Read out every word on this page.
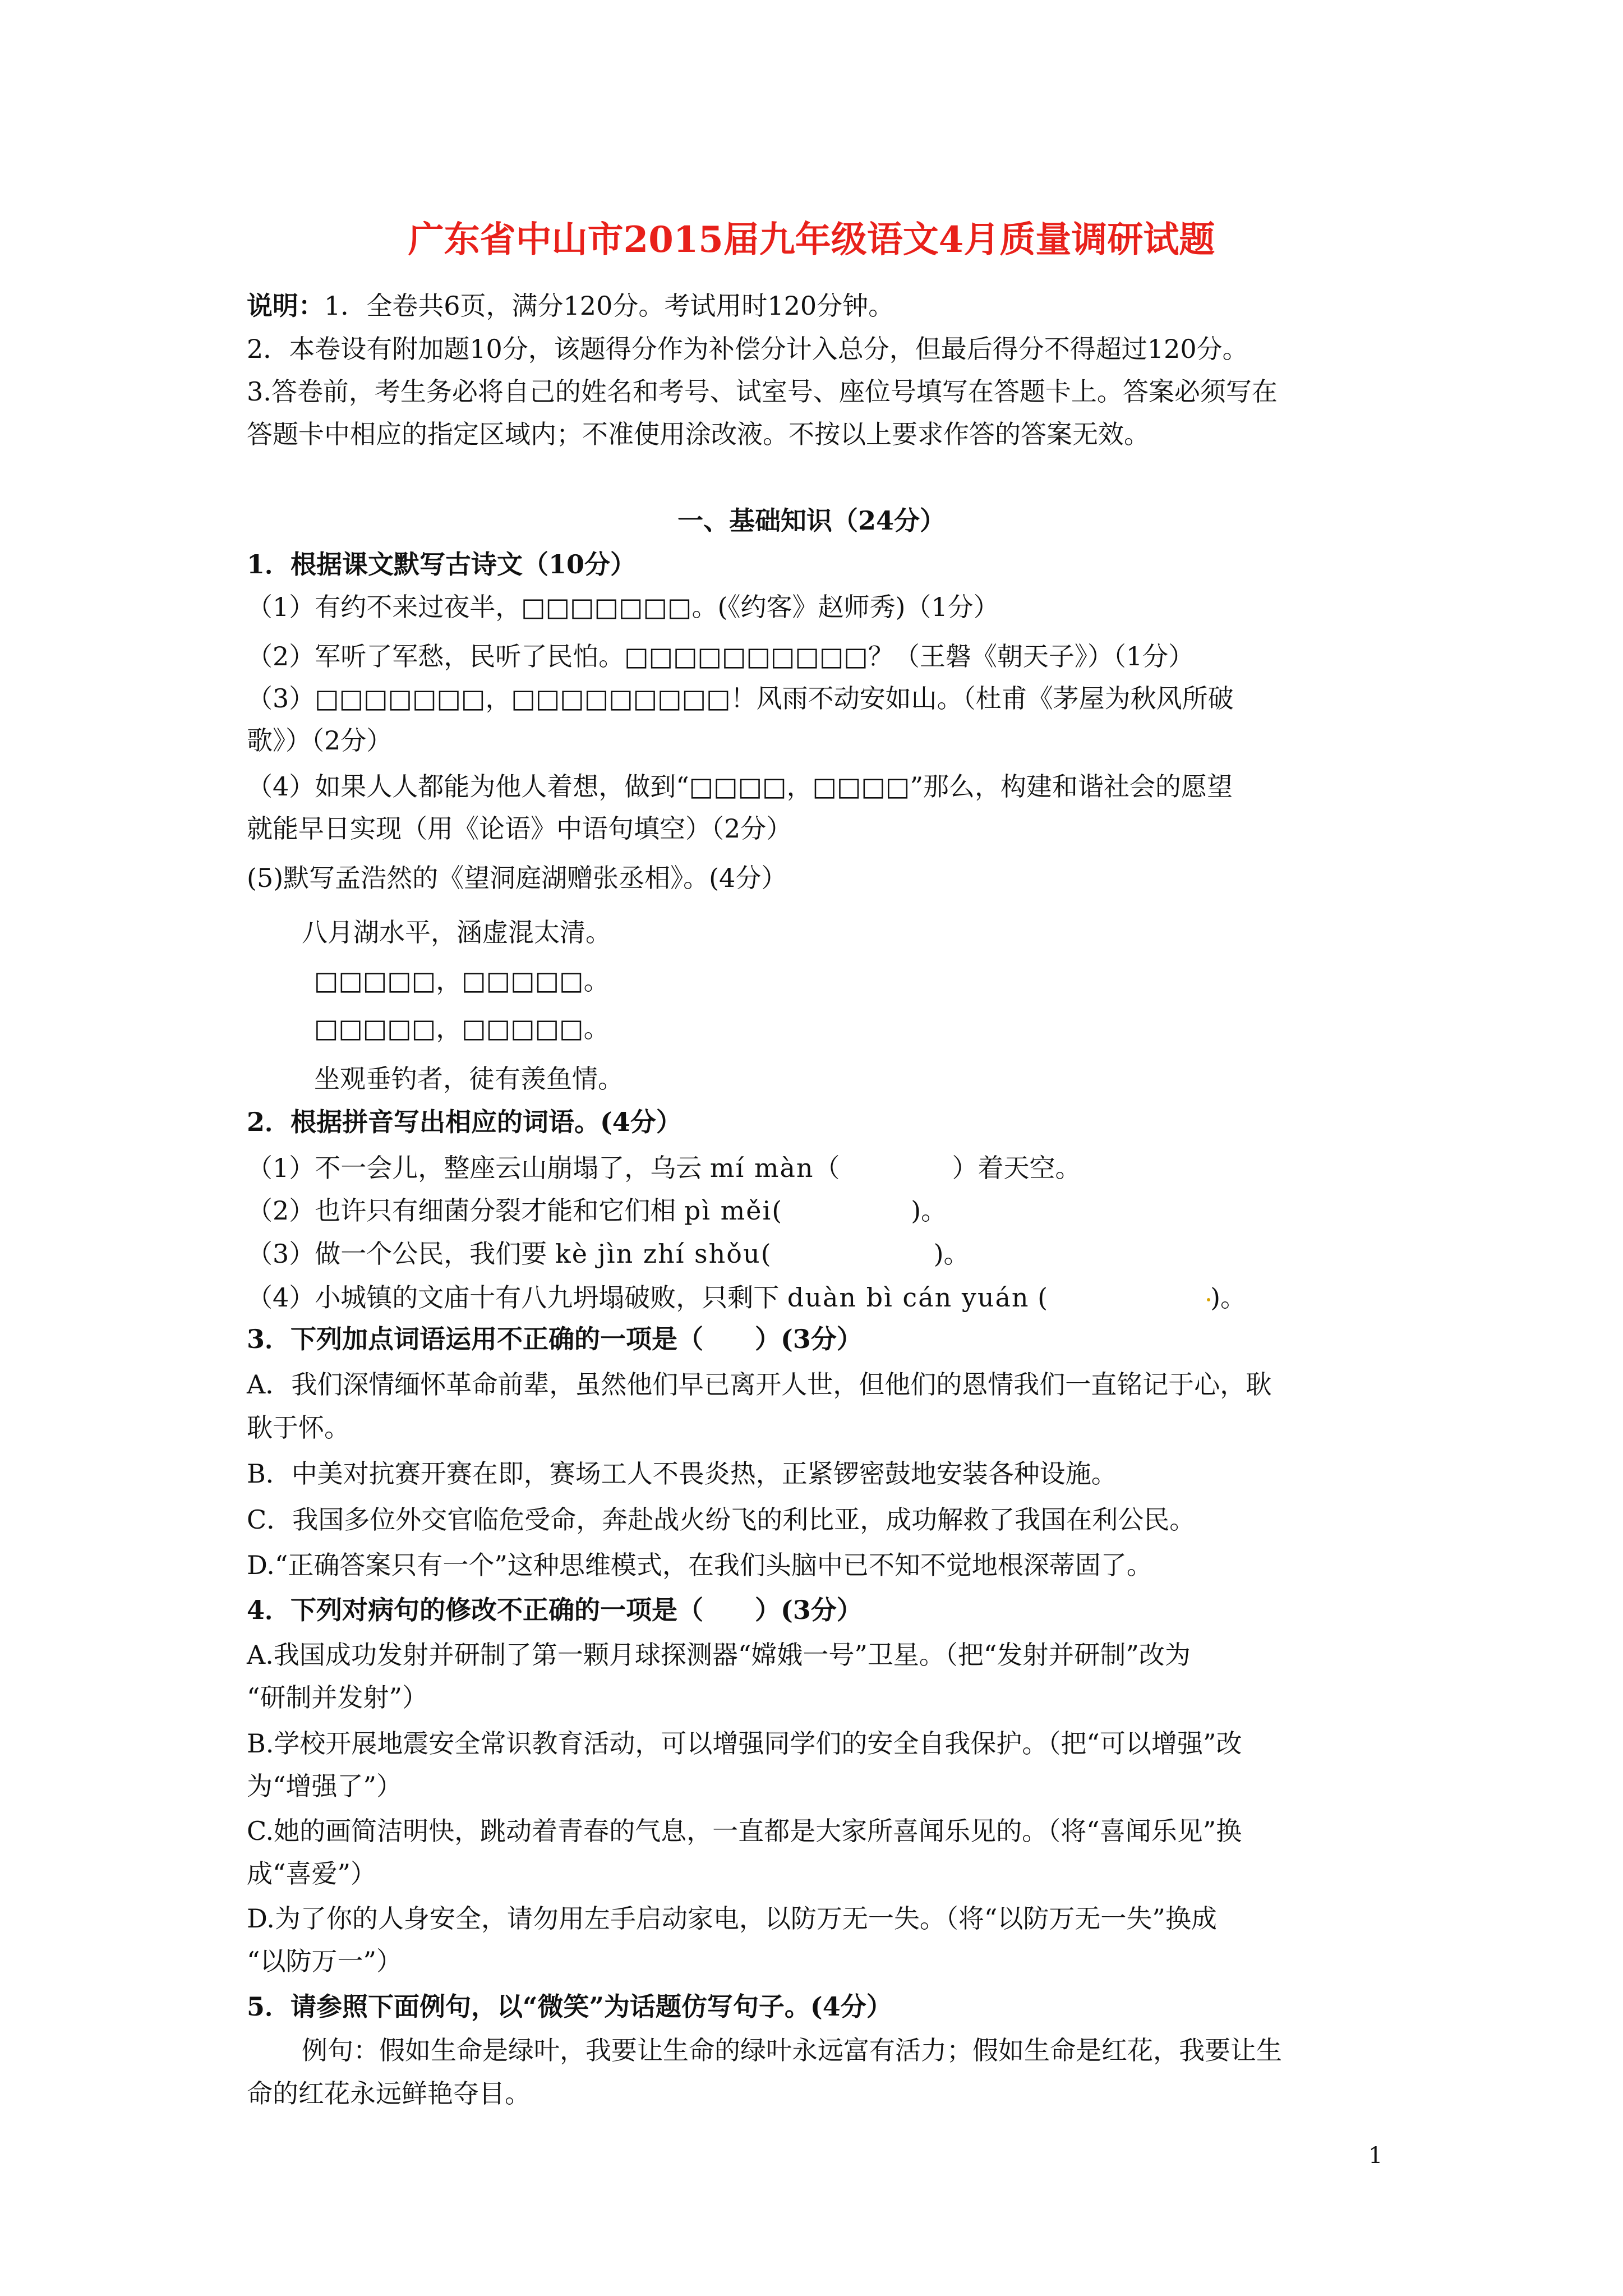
广东省中山市2015届九年级语文4月质量调研试题
说明：1．全卷共6页，满分120分。考试用时120分钟。
2．本卷设有附加题10分，该题得分作为补偿分计入总分，但最后得分不得超过120分。
3.答卷前，考生务必将自己的姓名和考号、试室号、座位号填写在答题卡上。答案必须写在
答题卡中相应的指定区域内；不准使用涂改液。不按以上要求作答的答案无效。
一、基础知识（24分）
1．根据课文默写古诗文（10分）
（1）有约不来过夜半，□□□□□□□。(《约客》赵师秀)（1分）
（2）军听了军愁，民听了民怕。□□□□□□□□□□？（王磐《朝天子》）（1分）
（3）□□□□□□□，□□□□□□□□□！风雨不动安如山。（杜甫《茅屋为秋风所破
歌》）（2分）
（4）如果人人都能为他人着想，做到“□□□□，□□□□”那么，构建和谐社会的愿望
就能早日实现（用《论语》中语句填空）（2分）
(5)默写孟浩然的《望洞庭湖赠张丞相》。(4分）
八月湖水平，涵虚混太清。
□□□□□，□□□□□。
□□□□□，□□□□□。
坐观垂钓者，徒有羡鱼情。
2．根据拼音写出相应的词语。(4分）
（1）不一会儿，整座云山崩塌了，乌云 mí màn（	）着天空。
（2）也许只有细菌分裂才能和它们相 pì měi(	)。
（3）做一个公民，我们要 kè jìn zhí shǒu(	)。
（4）小城镇的文庙十有八九坍塌破败，只剩下 duàn bì cán yuán (	)。
3．下列加点词语运用不正确的一项是（　　）(3分）
A．我们深情缅怀革命前辈，虽然他们早已离开人世，但他们的恩情我们一直铭记于心，耿
耿于怀。
B．中美对抗赛开赛在即，赛场工人不畏炎热，正紧锣密鼓地安装各种设施。
C．我国多位外交官临危受命，奔赴战火纷飞的利比亚，成功解救了我国在利公民。
D.“正确答案只有一个”这种思维模式，在我们头脑中已不知不觉地根深蒂固了。
4．下列对病句的修改不正确的一项是（　　）(3分）
A.我国成功发射并研制了第一颗月球探测器“嫦娥一号”卫星。（把“发射并研制”改为
“研制并发射”）
B.学校开展地震安全常识教育活动，可以增强同学们的安全自我保护。（把“可以增强”改
为“增强了”）
C.她的画简洁明快，跳动着青春的气息，一直都是大家所喜闻乐见的。（将“喜闻乐见”换
成“喜爱”）
D.为了你的人身安全，请勿用左手启动家电，以防万无一失。（将“以防万无一失”换成
“以防万一”）
5．请参照下面例句，以“微笑”为话题仿写句子。(4分）
例句：假如生命是绿叶，我要让生命的绿叶永远富有活力；假如生命是红花，我要让生
命的红花永远鲜艳夺目。
1
